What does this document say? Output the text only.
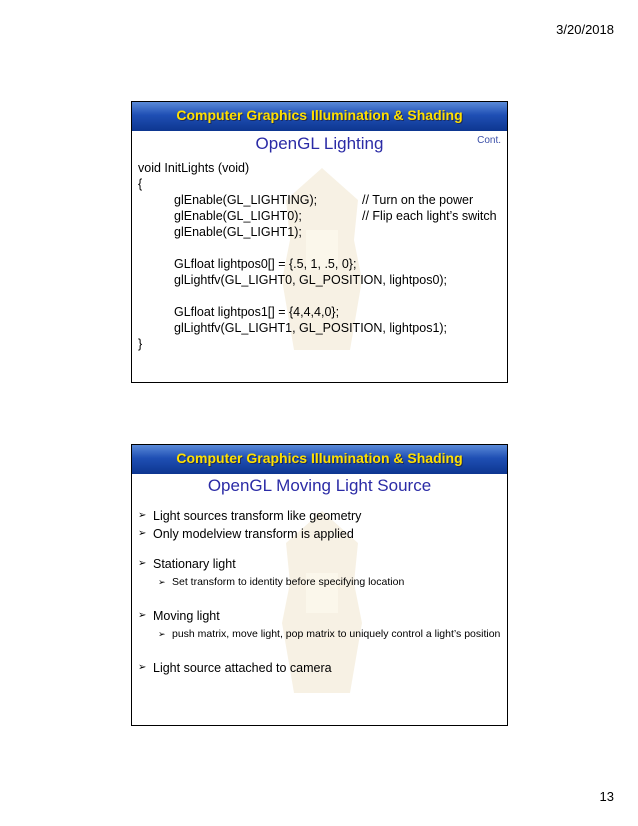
3/20/2018
Computer Graphics Illumination & Shading
OpenGL Lighting	Cont.
void InitLights (void)
{
glEnable(GL_LIGHTING);	// Turn on the power
glEnable(GL_LIGHT0);	// Flip each light’s switch
glEnable(GL_LIGHT1);
GLfloat lightpos0[] = {.5, 1, .5, 0};
glLightfv(GL_LIGHT0, GL_POSITION, lightpos0);
GLfloat lightpos1[] = {4,4,4,0};
glLightfv(GL_LIGHT1, GL_POSITION, lightpos1);
}
Computer Graphics Illumination & Shading
OpenGL Moving Light Source
➢ Light sources transform like geometry
➢ Only modelview transform is applied
➢ Stationary light
➢ Set transform to identity before specifying location
➢ Moving light
➢ push matrix, move light, pop matrix to uniquely control a light’s position
➢ Light source attached to camera
13
